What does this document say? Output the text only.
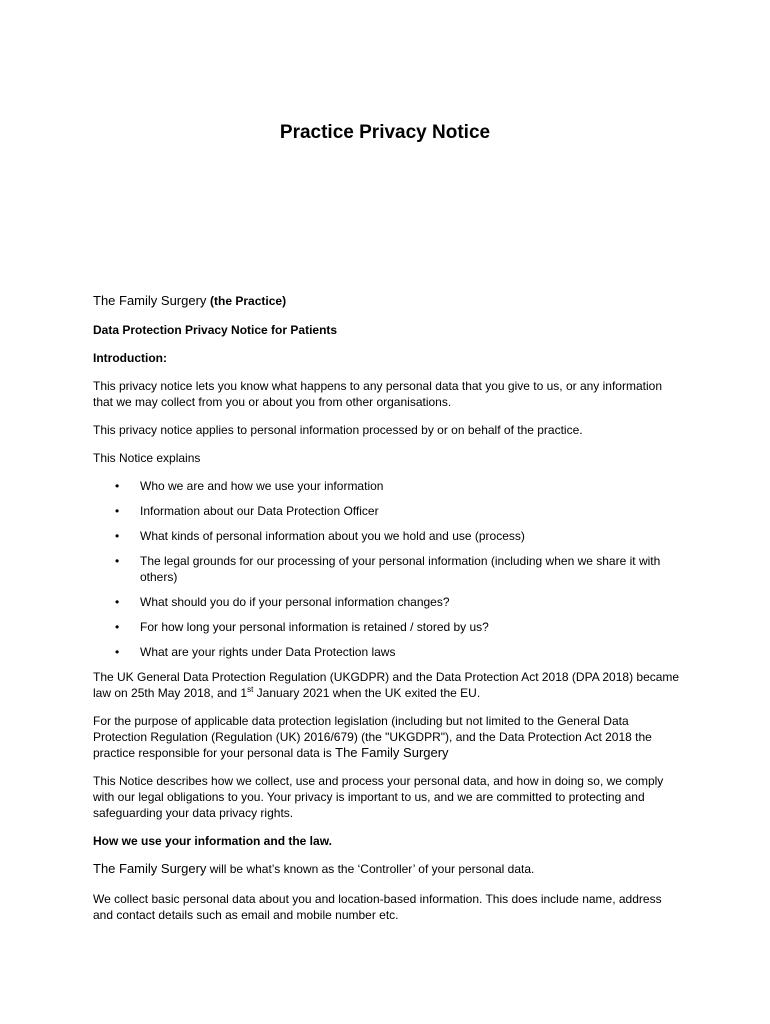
Practice Privacy Notice

The Family Surgery (the Practice)

Data Protection Privacy Notice for Patients

Introduction:

This privacy notice lets you know what happens to any personal data that you give to us, or any information that we may collect from you or about you from other organisations.

This privacy notice applies to personal information processed by or on behalf of the practice.

This Notice explains

• Who we are and how we use your information
• Information about our Data Protection Officer
• What kinds of personal information about you we hold and use (process)
• The legal grounds for our processing of your personal information (including when we share it with others)
• What should you do if your personal information changes?
• For how long your personal information is retained / stored by us?
• What are your rights under Data Protection laws

The UK General Data Protection Regulation (UKGDPR) and the Data Protection Act 2018 (DPA 2018) became law on 25th May 2018, and 1st January 2021 when the UK exited the EU.

For the purpose of applicable data protection legislation (including but not limited to the General Data Protection Regulation (Regulation (UK) 2016/679) (the "UKGDPR"), and the Data Protection Act 2018 the practice responsible for your personal data is The Family Surgery

This Notice describes how we collect, use and process your personal data, and how in doing so, we comply with our legal obligations to you. Your privacy is important to us, and we are committed to protecting and safeguarding your data privacy rights.

How we use your information and the law.

The Family Surgery will be what’s known as the ‘Controller’ of your personal data.

We collect basic personal data about you and location-based information. This does include name, address and contact details such as email and mobile number etc.
